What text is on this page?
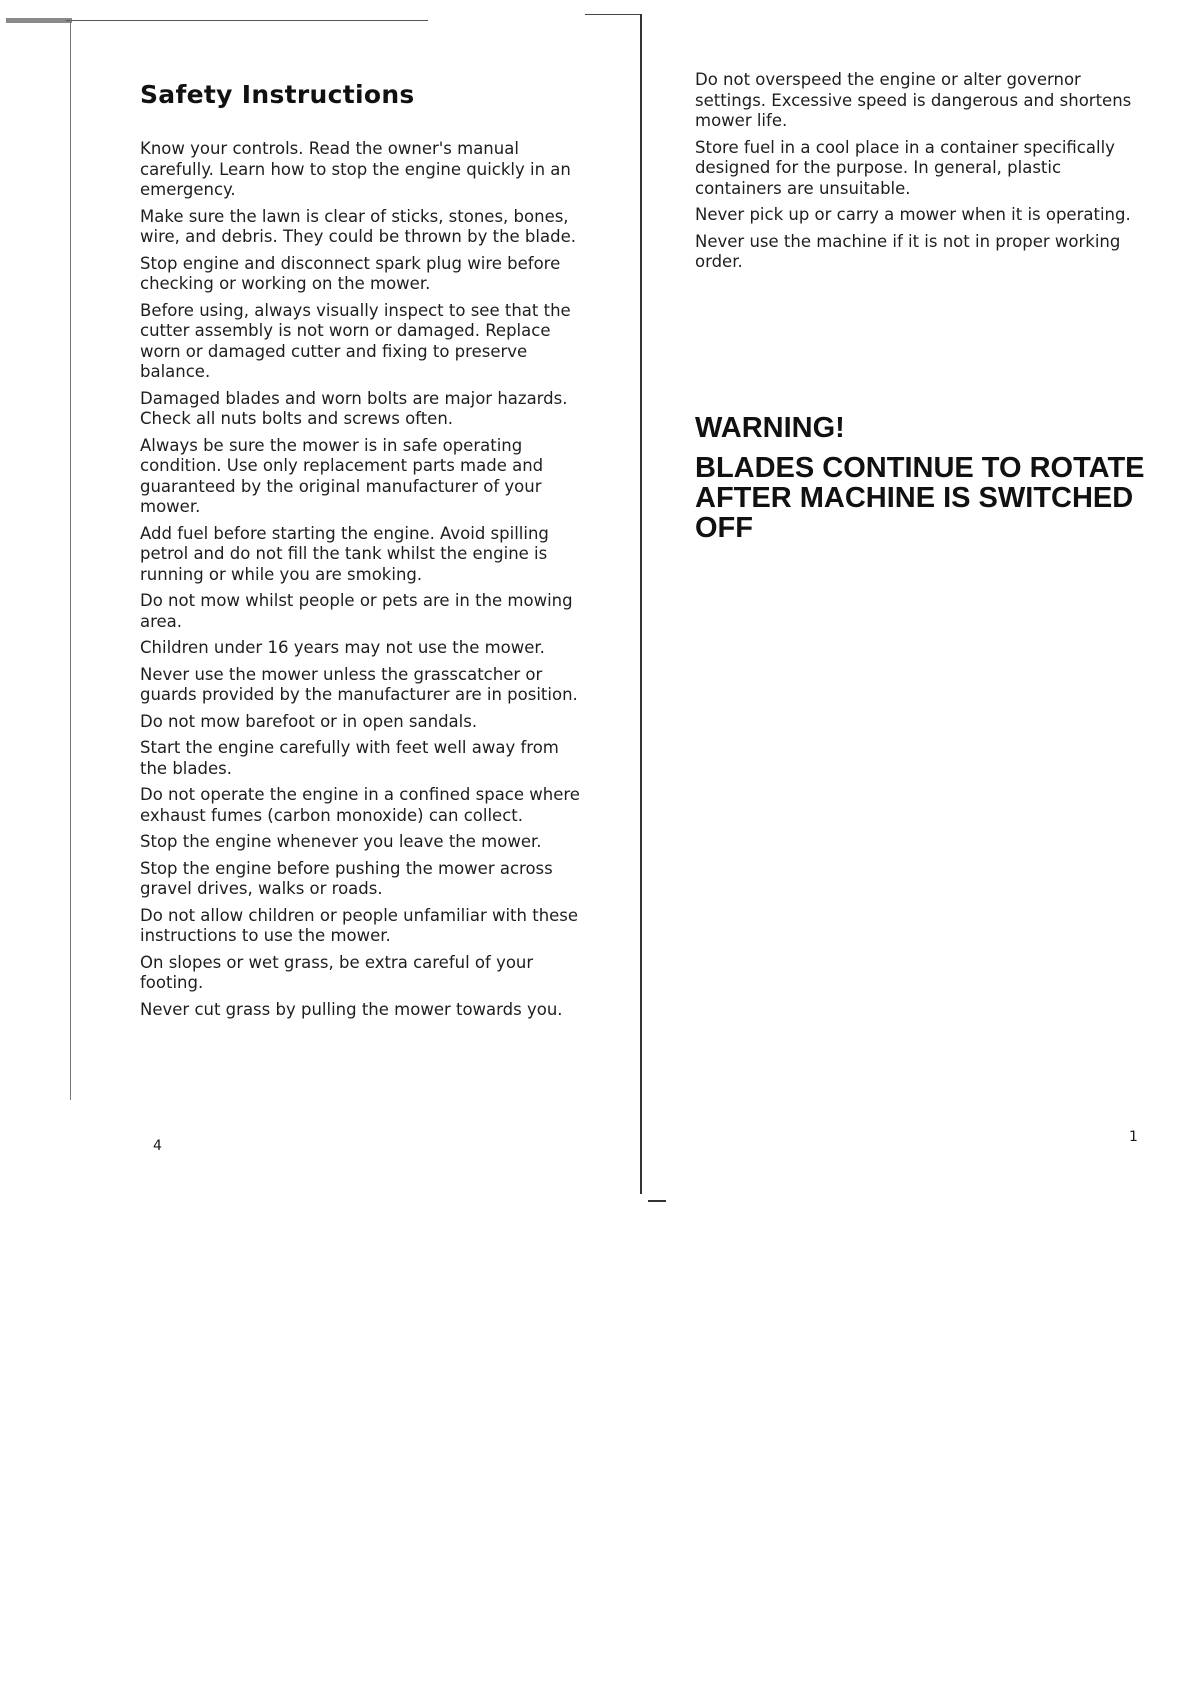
Safety Instructions

Know your controls. Read the owner's manual carefully. Learn how to stop the engine quickly in an emergency.

Make sure the lawn is clear of sticks, stones, bones, wire, and debris. They could be thrown by the blade.

Stop engine and disconnect spark plug wire before checking or working on the mower.

Before using, always visually inspect to see that the cutter assembly is not worn or damaged. Replace worn or damaged cutter and fixing to preserve balance.

Damaged blades and worn bolts are major hazards. Check all nuts bolts and screws often.

Always be sure the mower is in safe operating condition. Use only replacement parts made and guaranteed by the original manufacturer of your mower.

Add fuel before starting the engine. Avoid spilling petrol and do not fill the tank whilst the engine is running or while you are smoking.

Do not mow whilst people or pets are in the mowing area.

Children under 16 years may not use the mower.

Never use the mower unless the grasscatcher or guards provided by the manufacturer are in position.

Do not mow barefoot or in open sandals.

Start the engine carefully with feet well away from the blades.

Do not operate the engine in a confined space where exhaust fumes (carbon monoxide) can collect.

Stop the engine whenever you leave the mower.

Stop the engine before pushing the mower across gravel drives, walks or roads.

Do not allow children or people unfamiliar with these instructions to use the mower.

On slopes or wet grass, be extra careful of your footing.

Never cut grass by pulling the mower towards you.

4

Do not overspeed the engine or alter governor settings. Excessive speed is dangerous and shortens mower life.

Store fuel in a cool place in a container specifically designed for the purpose. In general, plastic containers are unsuitable.

Never pick up or carry a mower when it is operating.

Never use the machine if it is not in proper working order.

WARNING!

BLADES CONTINUE TO ROTATE AFTER MACHINE IS SWITCHED OFF

1
